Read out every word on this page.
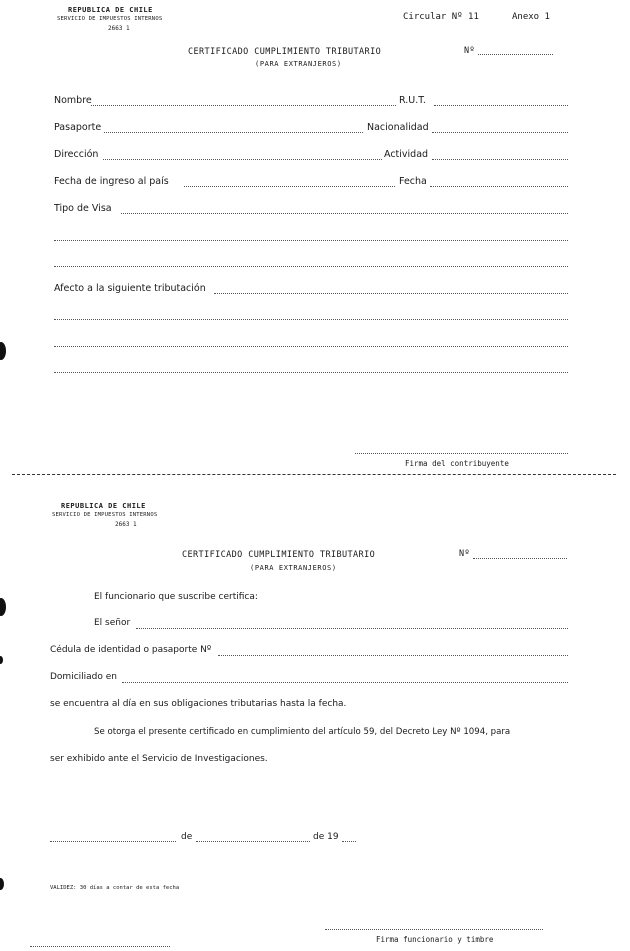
REPUBLICA DE CHILE
SERVICIO DE IMPUESTOS INTERNOS
2663 1
Circular Nº 11	Anexo 1
CERTIFICADO CUMPLIMIENTO TRIBUTARIO	Nº
(PARA EXTRANJEROS)
Nombre	R.U.T.
Pasaporte	Nacionalidad
Dirección	Actividad
Fecha de ingreso al país	Fecha
Tipo de Visa
Afecto a la siguiente tributación
Firma del contribuyente
REPUBLICA DE CHILE
SERVICIO DE IMPUESTOS INTERNOS
2663 1
CERTIFICADO CUMPLIMIENTO TRIBUTARIO	Nº
(PARA EXTRANJEROS)
El funcionario que suscribe certifica:
El señor
Cédula de identidad o pasaporte Nº
Domiciliado en
se encuentra al día en sus obligaciones tributarias hasta la fecha.
Se otorga el presente certificado en cumplimiento del artículo 59, del Decreto Ley Nº 1094, para
ser exhibido ante el Servicio de Investigaciones.
de	de 19
VALIDEZ: 30 días a contar de esta fecha
Firma funcionario y timbre
